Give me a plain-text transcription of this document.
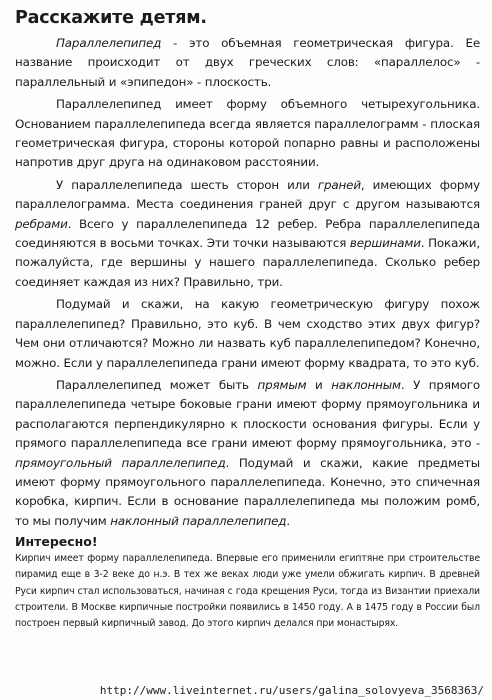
Расскажите детям.

Параллелепипед - это объемная геометрическая фигура. Ее название происходит от двух греческих слов: «параллелос» - параллельный и «эпипедон» - плоскость.

Параллелепипед имеет форму объемного четырехугольника. Основанием параллелепипеда всегда является параллелограмм - плоская геометрическая фигура, стороны которой попарно равны и расположены напротив друг друга на одинаковом расстоянии.

У параллелепипеда шесть сторон или граней, имеющих форму параллелограмма. Места соединения граней друг с другом называются ребрами. Всего у параллелепипеда 12 ребер. Ребра параллелепипеда соединяются в восьми точках. Эти точки называются вершинами. Покажи, пожалуйста, где вершины у нашего параллелепипеда. Сколько ребер соединяет каждая из них? Правильно, три.

Подумай и скажи, на какую геометрическую фигуру похож параллелепипед? Правильно, это куб. В чем сходство этих двух фигур? Чем они отличаются? Можно ли назвать куб параллелепипедом? Конечно, можно. Если у параллелепипеда грани имеют форму квадрата, то это куб.

Параллелепипед может быть прямым и наклонным. У прямого параллелепипеда четыре боковые грани имеют форму прямоугольника и располагаются перпендикулярно к плоскости основания фигуры. Если у прямого параллелепипеда все грани имеют форму прямоугольника, это - прямоугольный параллелепипед. Подумай и скажи, какие предметы имеют форму прямоугольного параллелепипеда. Конечно, это спичечная коробка, кирпич. Если в основание параллелепипеда мы положим ромб, то мы получим наклонный параллелепипед.

Интересно!

Кирпич имеет форму параллелепипеда. Впервые его применили египтяне при строительстве пирамид еще в 3-2 веке до н.э. В тех же веках люди уже умели обжигать кирпич. В древней Руси кирпич стал использоваться, начиная с года крещения Руси, тогда из Византии приехали строители. В Москве кирпичные постройки появились в 1450 году. А в 1475 году в России был построен первый кирпичный завод. До этого кирпич делался при монастырях.

http://www.liveinternet.ru/users/galina_solovyeva_3568363/
